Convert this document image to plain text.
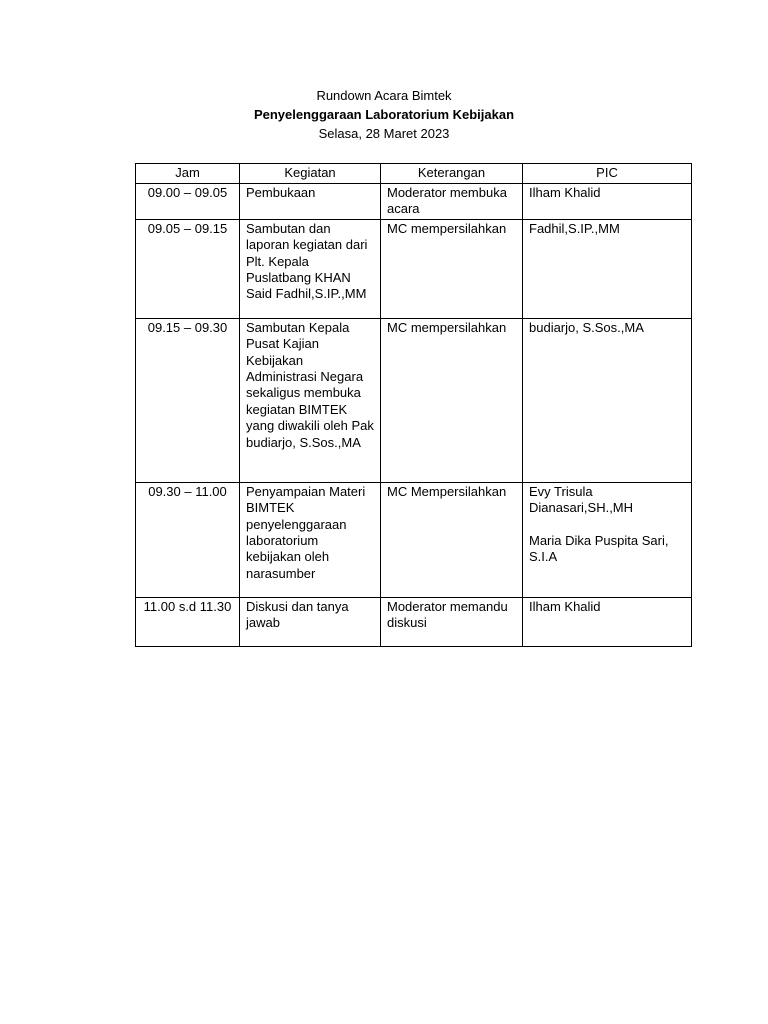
Rundown Acara Bimtek
Penyelenggaraan Laboratorium Kebijakan
Selasa, 28 Maret 2023
Jam	Kegiatan	Keterangan	PIC
09.00 – 09.05	Pembukaan	Moderator membuka acara	Ilham Khalid

09.05 – 09.15	Sambutan dan laporan kegiatan dari Plt. Kepala Puslatbang KHAN Said Fadhil,S.IP.,MM	MC mempersilahkan	Fadhil,S.IP.,MM

09.15 – 09.30	Sambutan Kepala Pusat Kajian Kebijakan Administrasi Negara sekaligus membuka kegiatan BIMTEK yang diwakili oleh Pak budiarjo, S.Sos.,MA	MC mempersilahkan	budiarjo, S.Sos.,MA

09.30 – 11.00	Penyampaian Materi BIMTEK penyelenggaraan laboratorium kebijakan oleh narasumber	MC Mempersilahkan	Evy Trisula Dianasari,SH.,MH
Maria Dika Puspita Sari, S.I.A

11.00 s.d 11.30	Diskusi dan tanya jawab	Moderator memandu diskusi	Ilham Khalid
